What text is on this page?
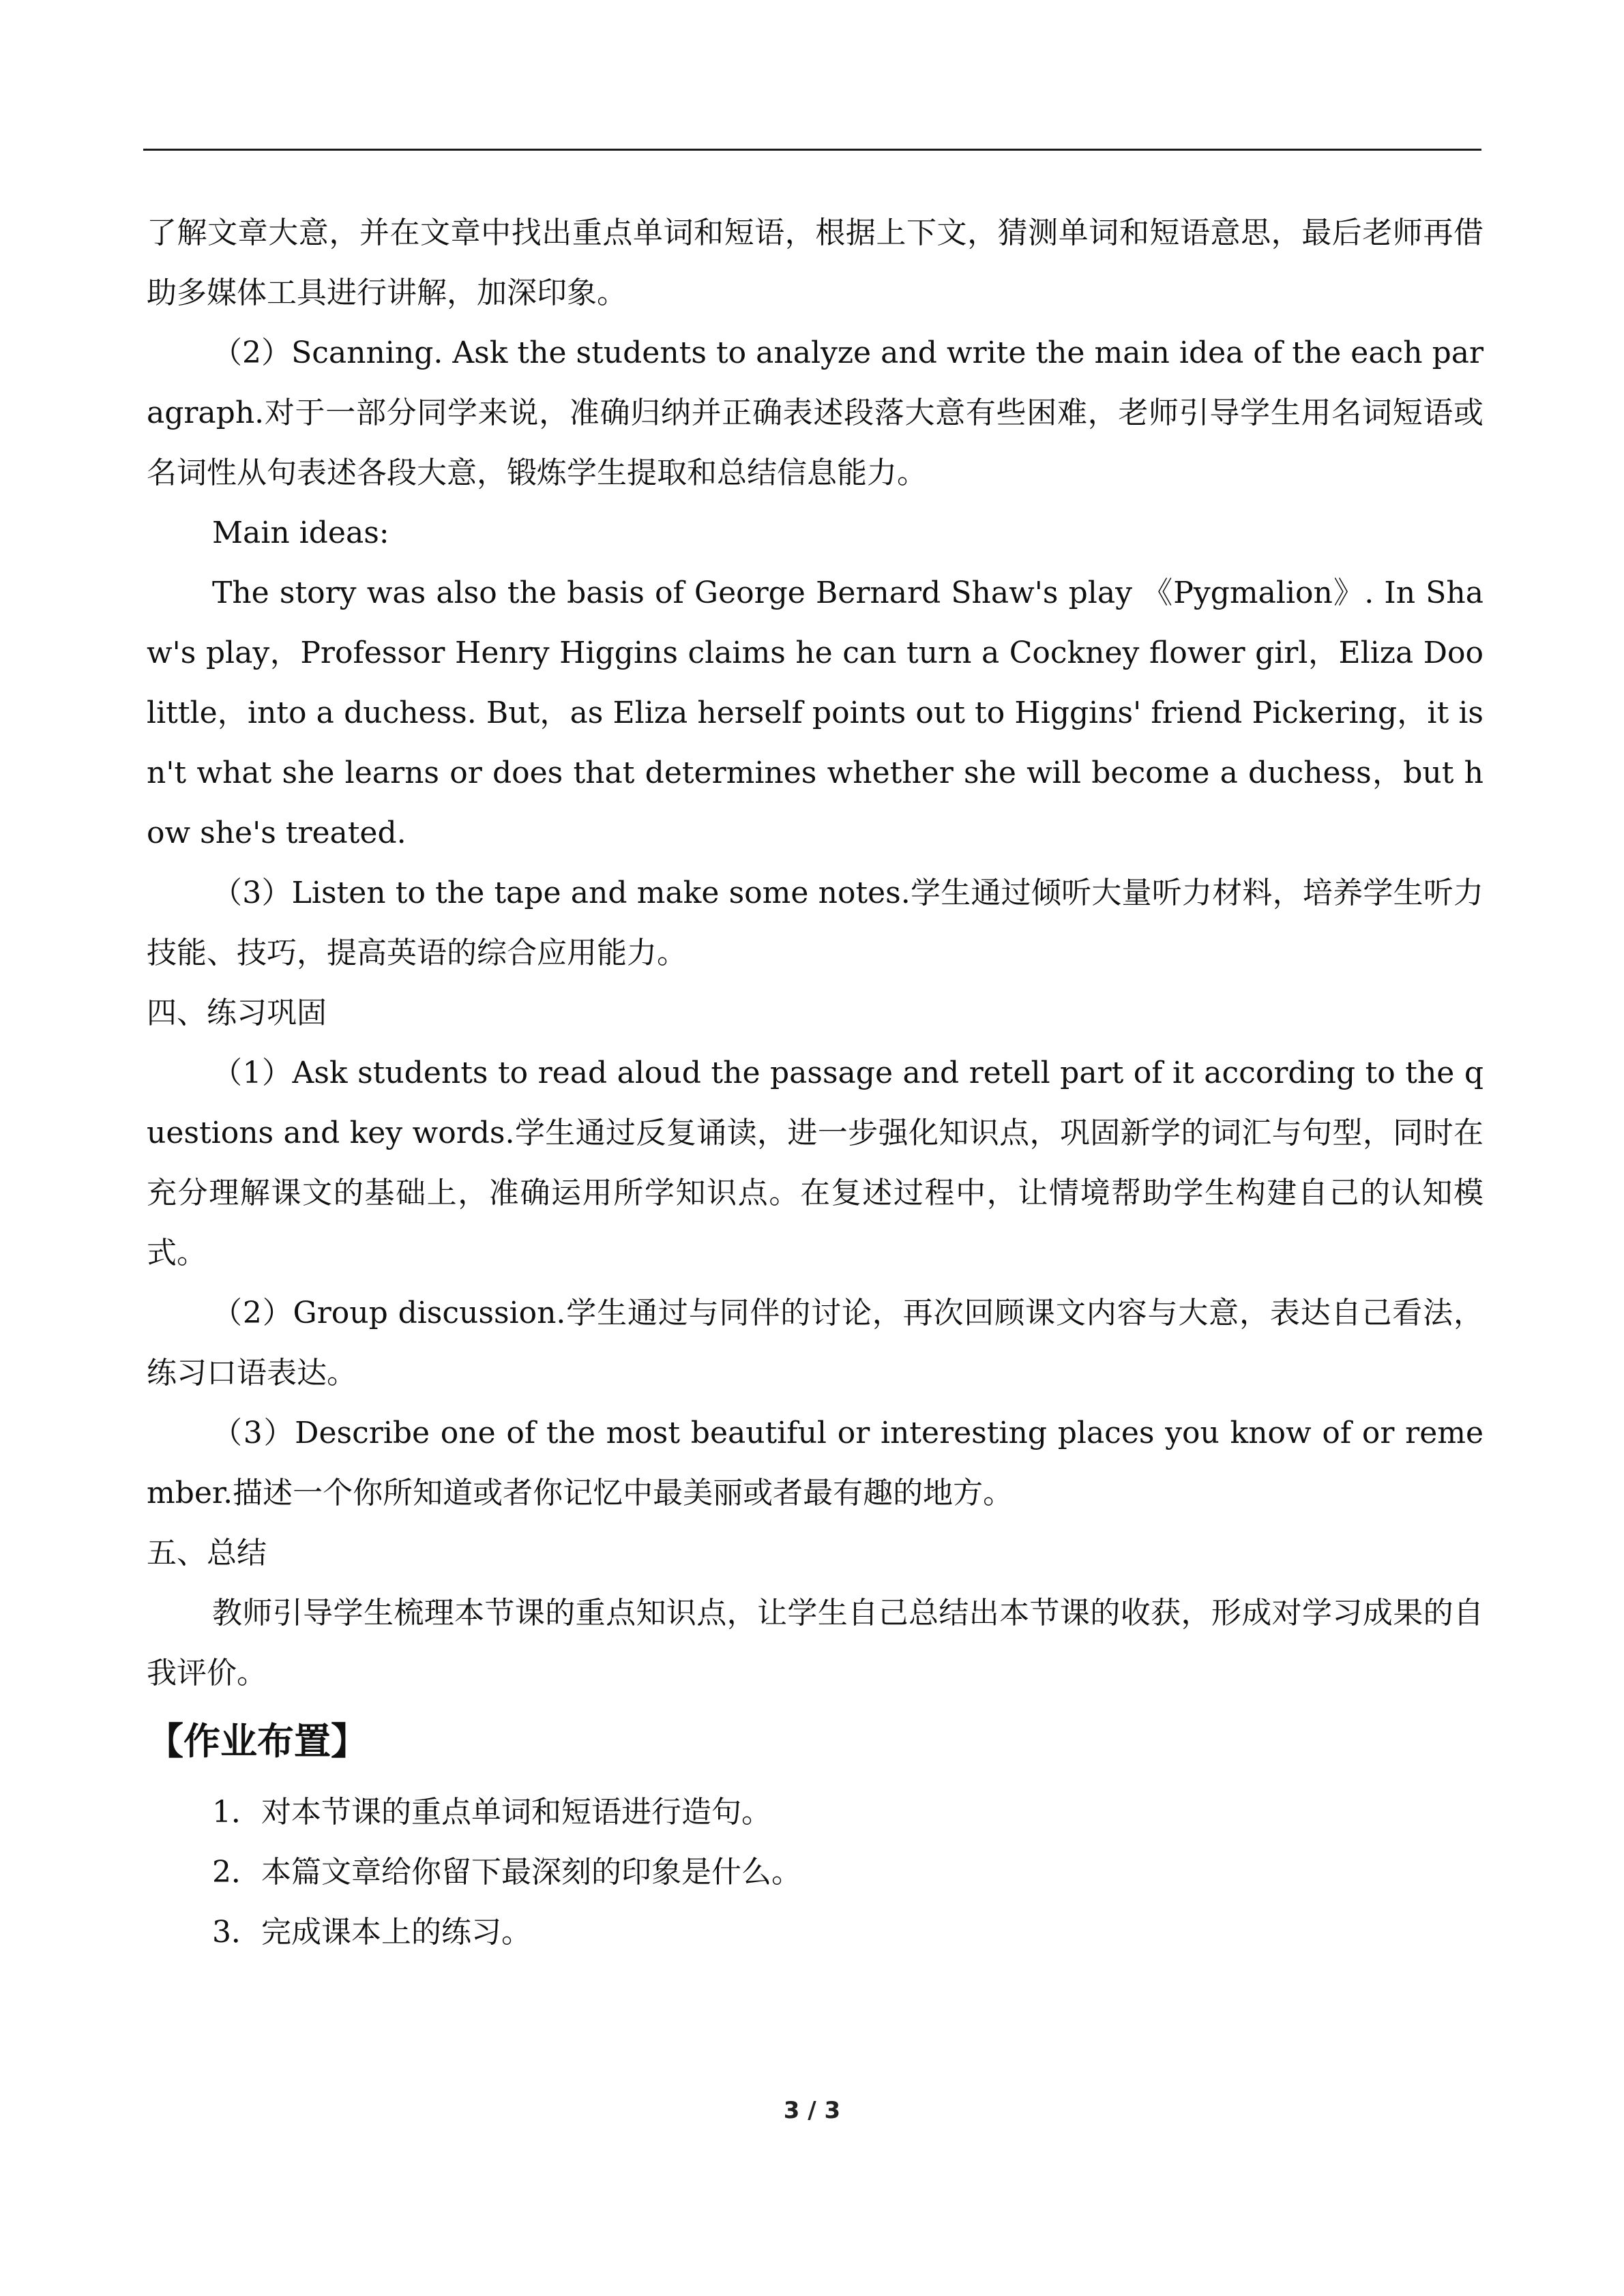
了解文章大意，并在文章中找出重点单词和短语，根据上下文，猜测单词和短语意思，最后老师再借助多媒体工具进行讲解，加深印象。

（2）Scanning. Ask the students to analyze and write the main idea of the each paragraph.对于一部分同学来说，准确归纳并正确表述段落大意有些困难，老师引导学生用名词短语或名词性从句表述各段大意，锻炼学生提取和总结信息能力。

Main ideas:

The story was also the basis of George Bernard Shaw's play 《Pygmalion》. In Shaw's play，Professor Henry Higgins claims he can turn a Cockney flower girl，Eliza Doolittle，into a duchess. But，as Eliza herself points out to Higgins' friend Pickering，it isn't what she learns or does that determines whether she will become a duchess，but how she's treated.

（3）Listen to the tape and make some notes.学生通过倾听大量听力材料，培养学生听力技能、技巧，提高英语的综合应用能力。

四、练习巩固

（1）Ask students to read aloud the passage and retell part of it according to the questions and key words.学生通过反复诵读，进一步强化知识点，巩固新学的词汇与句型，同时在充分理解课文的基础上，准确运用所学知识点。在复述过程中，让情境帮助学生构建自己的认知模式。

（2）Group discussion.学生通过与同伴的讨论，再次回顾课文内容与大意，表达自己看法，练习口语表达。

（3）Describe one of the most beautiful or interesting places you know of or remember.描述一个你所知道或者你记忆中最美丽或者最有趣的地方。

五、总结

教师引导学生梳理本节课的重点知识点，让学生自己总结出本节课的收获，形成对学习成果的自我评价。

【作业布置】
1．对本节课的重点单词和短语进行造句。
2．本篇文章给你留下最深刻的印象是什么。
3．完成课本上的练习。
3 / 3
